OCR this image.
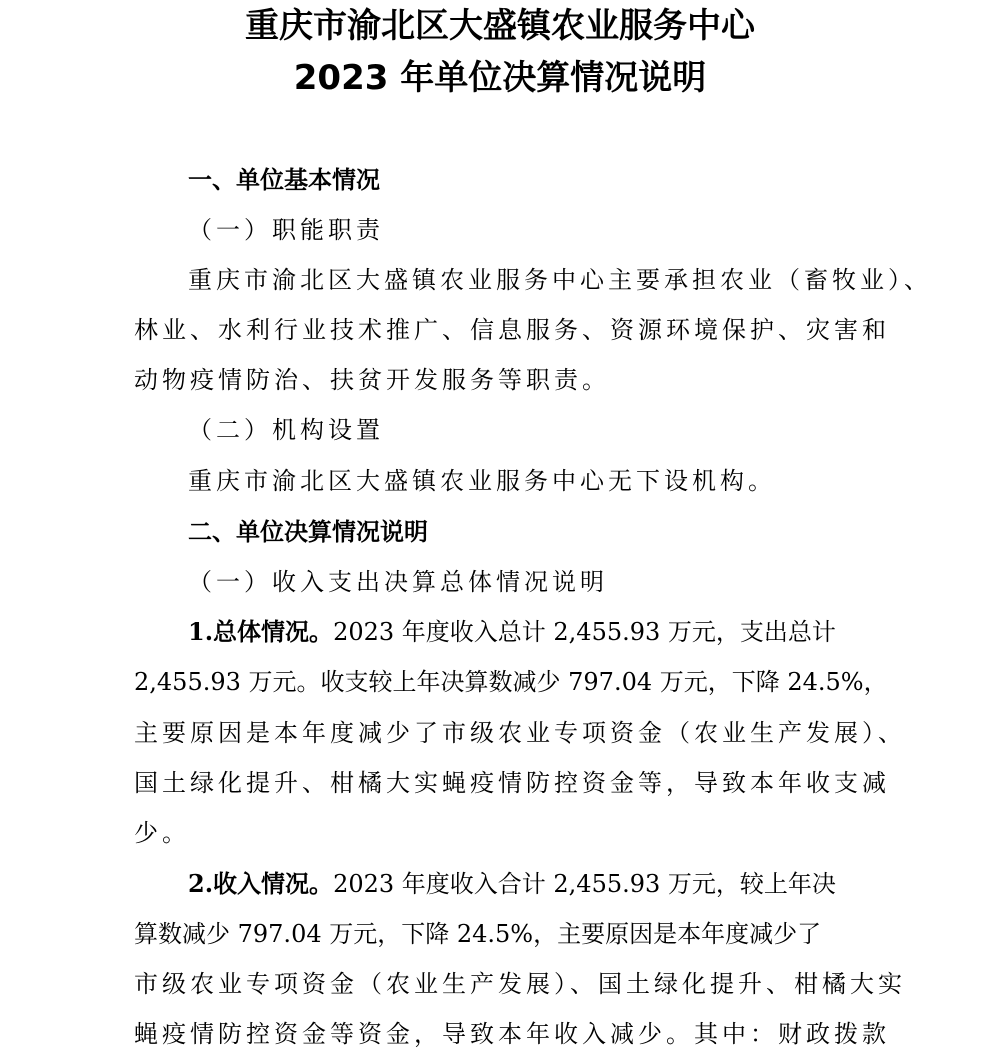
重庆市渝北区大盛镇农业服务中心
2023 年单位决算情况说明
一、单位基本情况
（一）职能职责
重庆市渝北区大盛镇农业服务中心主要承担农业（畜牧业）、
林业、水利行业技术推广、信息服务、资源环境保护、灾害和
动物疫情防治、扶贫开发服务等职责。
（二）机构设置
重庆市渝北区大盛镇农业服务中心无下设机构。
二、单位决算情况说明
（一）收入支出决算总体情况说明
1.总体情况。2023 年度收入总计 2,455.93 万元，支出总计
2,455.93 万元。收支较上年决算数减少 797.04 万元，下降 24.5%，
主要原因是本年度减少了市级农业专项资金（农业生产发展）、
国土绿化提升、柑橘大实蝇疫情防控资金等，导致本年收支减
少。
2.收入情况。2023 年度收入合计 2,455.93 万元，较上年决
算数减少 797.04 万元，下降 24.5%，主要原因是本年度减少了
市级农业专项资金（农业生产发展）、国土绿化提升、柑橘大实
蝇疫情防控资金等资金，导致本年收入减少。其中：财政拨款
